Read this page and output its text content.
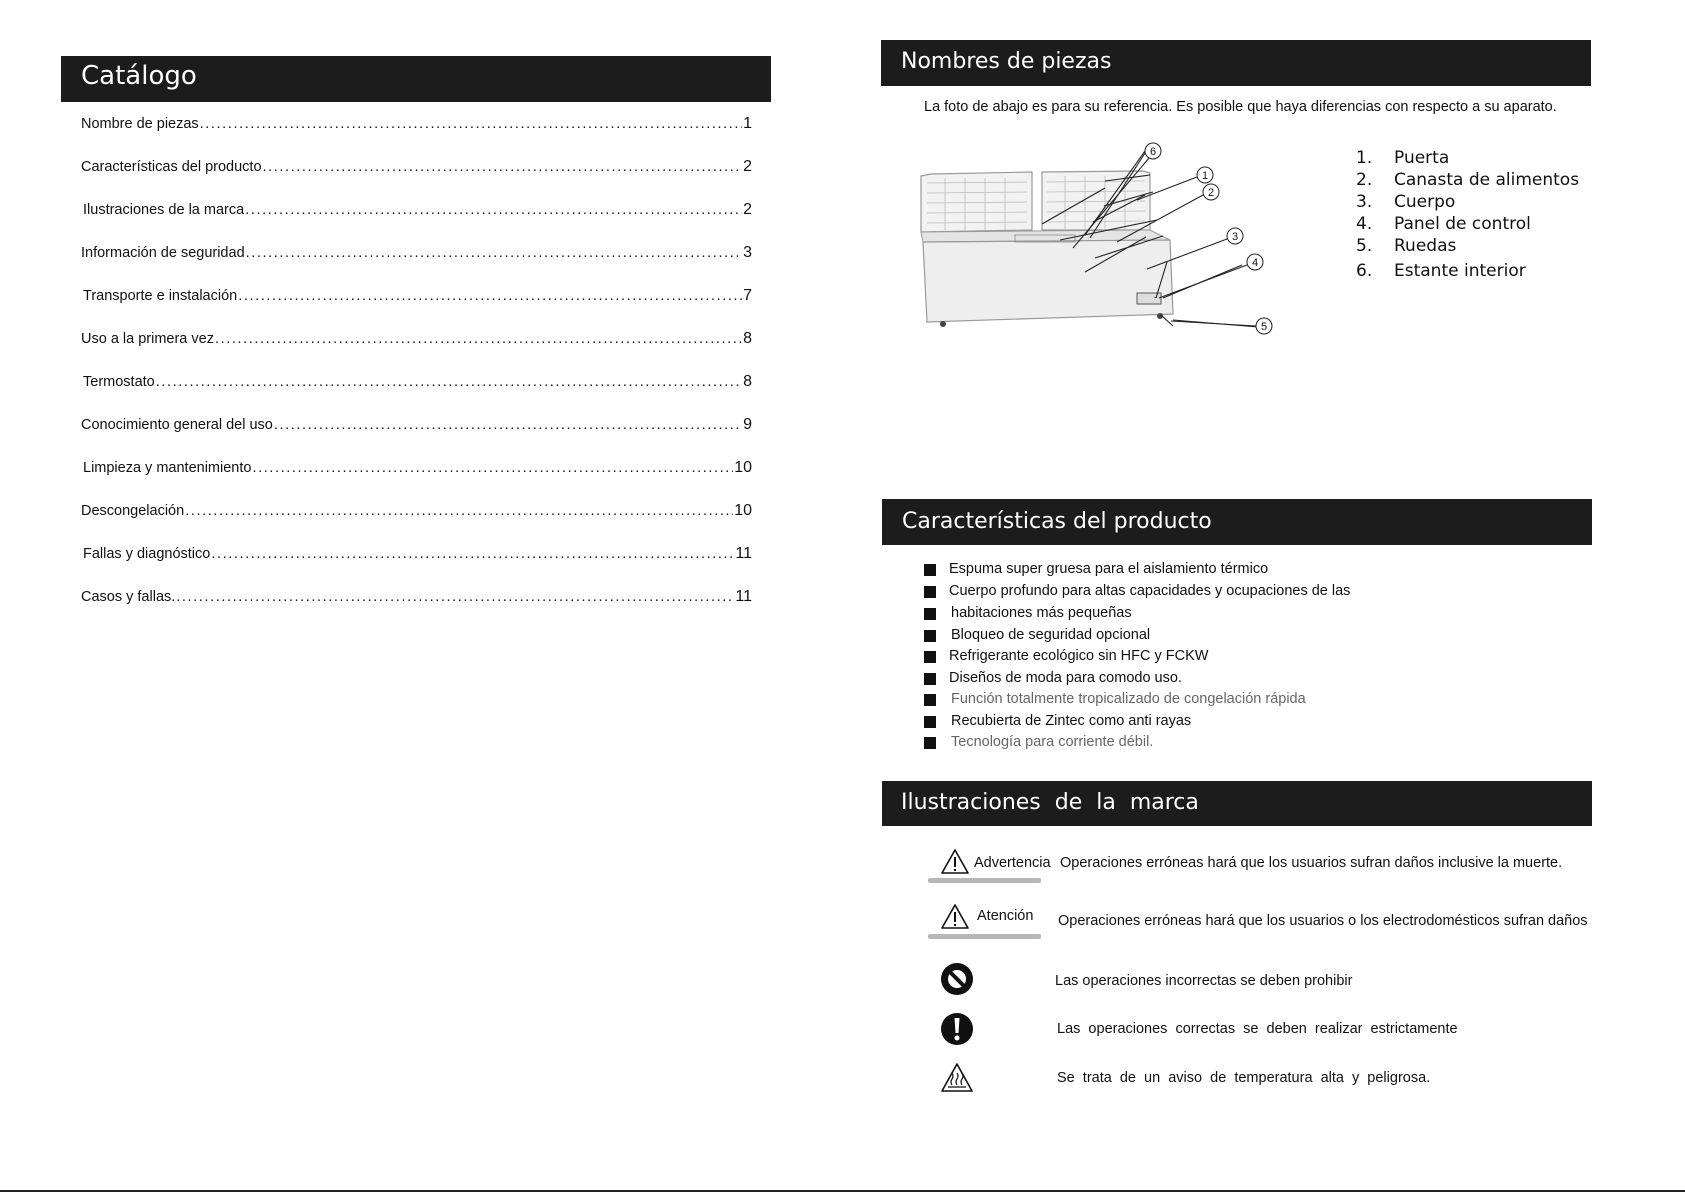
Catálogo
Nombre de piezas .....	1
Características del producto .....	2
Ilustraciones de la marca .....	2
Información de seguridad .....	3
Transporte e instalación .....	7
Uso a la primera vez .....	8
Termostato .....	8
Conocimiento general del uso .....	9
Limpieza y mantenimiento .....	10
Descongelación .....	10
Fallas y diagnóstico .....	11
Casos y fallas. .....	11
Nombres de piezas
La foto de abajo es para su referencia. Es posible que haya diferencias con respecto a su aparato.
6
1
2
3
4
5
1. Puerta
2. Canasta de alimentos
3. Cuerpo
4. Panel de control
5. Ruedas
6. Estante interior
Características del producto
Espuma super gruesa para el aislamiento térmico
Cuerpo profundo para altas capacidades y ocupaciones de las
habitaciones más pequeñas
Bloqueo de seguridad opcional
Refrigerante ecológico sin HFC y FCKW
Diseños de moda para comodo uso.
Función totalmente tropicalizado de congelación rápida
Recubierta de Zintec como anti rayas
Tecnología para corriente débil.
Ilustraciones  de  la  marca
Advertencia Operaciones erróneas hará que los usuarios sufran daños inclusive la muerte.
Atención Operaciones erróneas hará que los usuarios o los electrodomésticos sufran daños
Las operaciones incorrectas se deben prohibir
Las  operaciones  correctas  se  deben  realizar  estrictamente
Se  trata  de  un  aviso  de  temperatura  alta  y  peligrosa.
